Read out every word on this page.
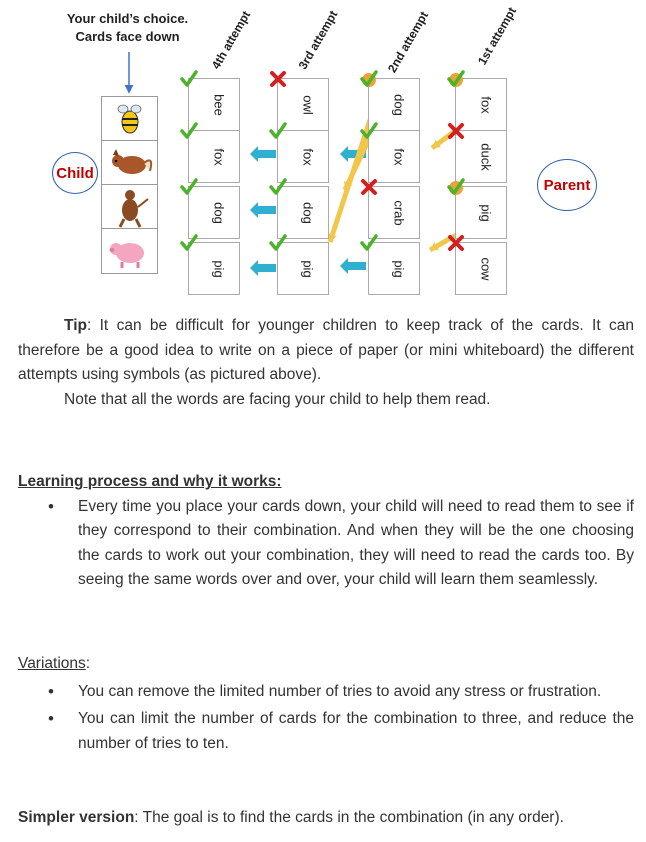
Your child’s choice.
Cards face down
Child
Parent
4th attempt
bee
fox
dog
pig
3rd attempt
owl
fox
dog
pig
2nd attempt
dog
fox
crab
pig
1st attempt
fox
duck
pig
cow

Tip: It can be difficult for younger children to keep track of the cards. It can therefore be a good idea to write on a piece of paper (or mini whiteboard) the different attempts using symbols (as pictured above).

Note that all the words are facing your child to help them read.

Learning process and why it works:

• Every time you place your cards down, your child will need to read them to see if they correspond to their combination. And when they will be the one choosing the cards to work out your combination, they will need to read the cards too. By seeing the same words over and over, your child will learn them seamlessly.

Variations:

• You can remove the limited number of tries to avoid any stress or frustration.
• You can limit the number of cards for the combination to three, and reduce the number of tries to ten.

Simpler version: The goal is to find the cards in the combination (in any order).
